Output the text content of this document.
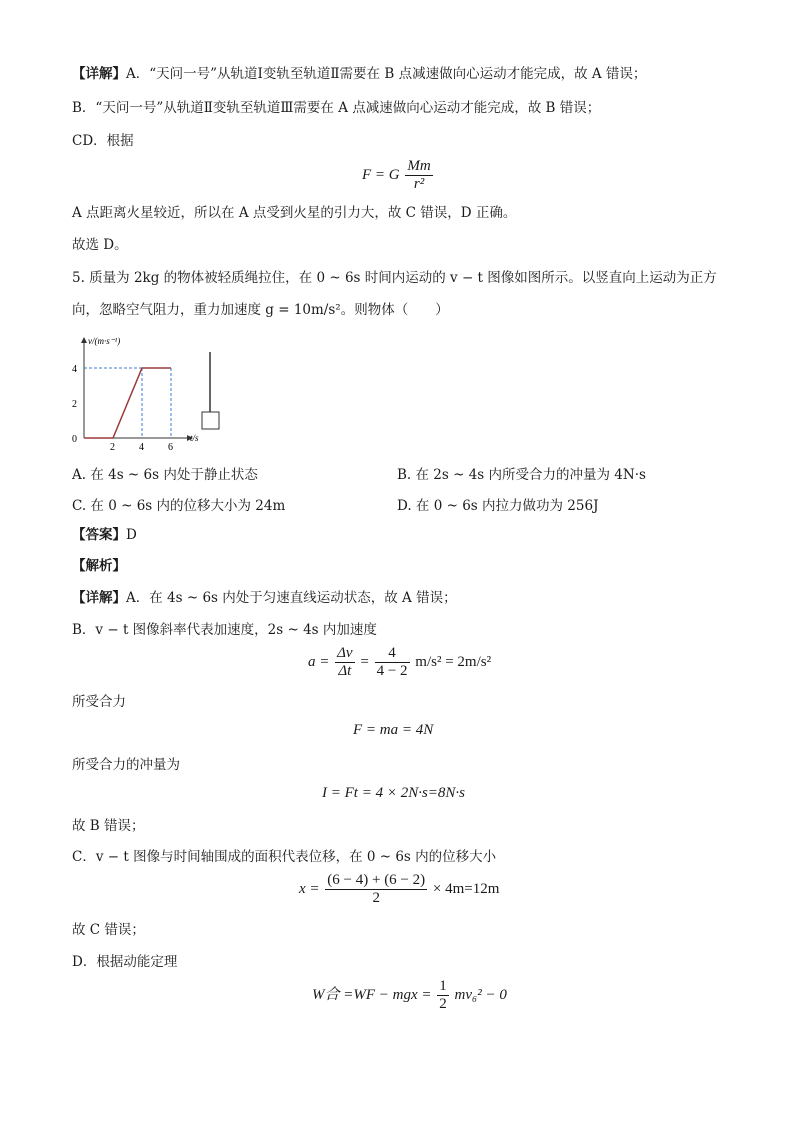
【详解】A．“天问一号”从轨道Ⅰ变轨至轨道Ⅱ需要在 B 点减速做向心运动才能完成，故 A 错误；
B．“天问一号”从轨道Ⅱ变轨至轨道Ⅲ需要在 A 点减速做向心运动才能完成，故 B 错误；
CD．根据
F = G $\frac{Mm}{\text{r²}}$
A 点距离火星较近，所以在 A 点受到火星的引力大，故 C 错误，D 正确。
故选 D。
5. 质量为 2kg 的物体被轻质绳拉住，在 0 ~ 6s 时间内运动的 v − t 图像如图所示。以竖直向上运动为正方
向，忽略空气阻力，重力加速度 g = 10m/s²。则物体（　　）
v/(m·s⁻¹)
t/s
4
2
0
2 4 6
A. 在 4s ~ 6s 内处于静止状态	B. 在 2s ~ 4s 内所受合力的冲量为 4N·s
C. 在 0 ~ 6s 内的位移大小为 24m	D. 在 0 ~ 6s 内拉力做功为 256J
【答案】D
【解析】
【详解】A．在 4s ~ 6s 内处于匀速直线运动状态，故 A 错误；
B．v − t 图像斜率代表加速度，2s ~ 4s 内加速度
$a = \frac{\Delta v}{\Delta t} = \frac{4}{4 - 2} m/s^2 = 2m/s^2$
所受合力
F = ma = 4N
所受合力的冲量为
I = Ft = 4 × 2N·s=8N·s
故 B 错误；
C．v − t 图像与时间轴围成的面积代表位移，在 0 ~ 6s 内的位移大小
$x = \frac{(6 - 4) + (6 - 2)}{2} \times 4m=12m$
故 C 错误；
D．根据动能定理
W合 =WF − mgx = $\frac{1}{2} mv_6^2 - 0$
